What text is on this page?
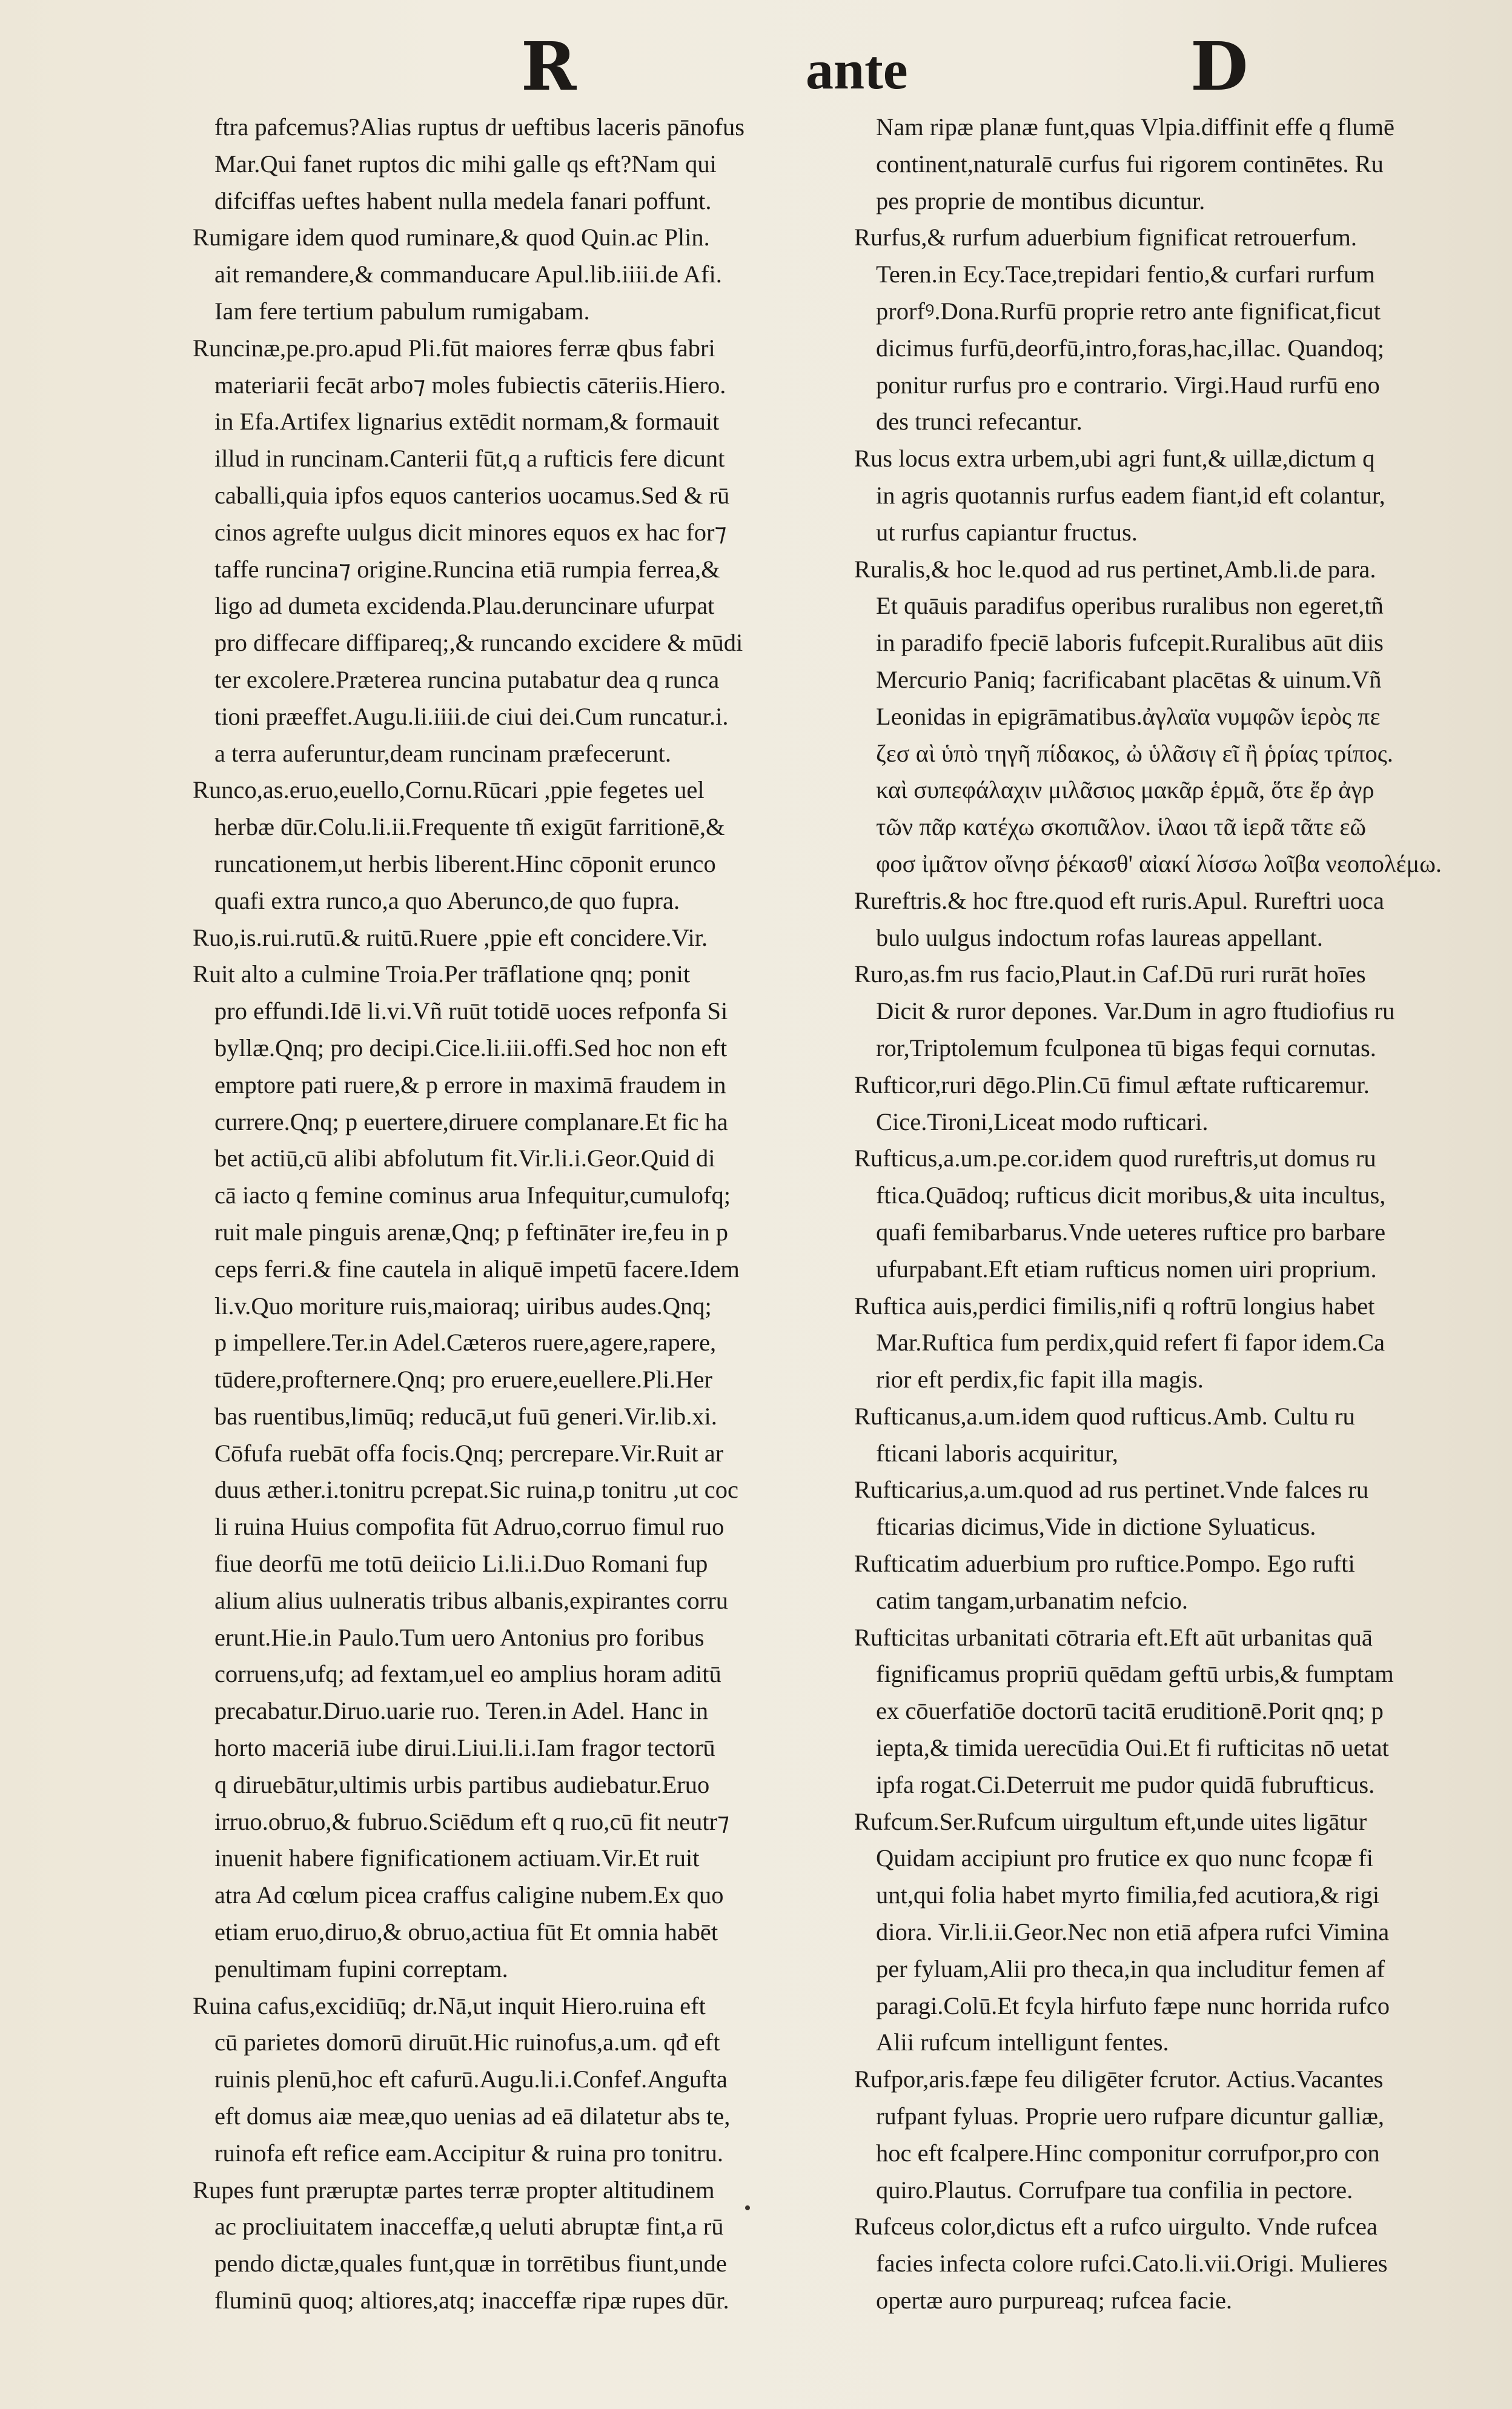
R	ante	D
ftra pafcemus?Alias ruptus dr ueftibus laceris pānofus
Mar.Qui fanet ruptos dic mihi galle qs eft?Nam qui
difciffas ueftes habent nulla medela fanari poffunt.
Rumigare idem quod ruminare,& quod Quin.ac Plin.
ait remandere,& commanducare Apul.lib.iiii.de Afi.
Iam fere tertium pabulum rumigabam.
Runcinæ,pe.pro.apud Pli.fūt maiores ferræ qbus fabri
materiarii fecāt arbo⁊ moles fubiectis cāteriis.Hiero.
in Efa.Artifex lignarius extēdit normam,& formauit
illud in runcinam.Canterii fūt,q a rufticis fere dicunt
caballi,quia ipfos equos canterios uocamus.Sed & rū
cinos agrefte uulgus dicit minores equos ex hac for⁊
taffe runcina⁊ origine.Runcina etiā rumpia ferrea,&
ligo ad dumeta excidenda.Plau.deruncinare ufurpat
pro diffecare diffipareq;,& runcando excidere & mūdi
ter excolere.Præterea runcina putabatur dea q runca
tioni præeffet.Augu.li.iiii.de ciui dei.Cum runcatur.i.
a terra auferuntur,deam runcinam præfecerunt.
Runco,as.eruo,euello,Cornu.Rūcari ,ppie fegetes uel
herbæ dūr.Colu.li.ii.Frequente tñ exigūt farritionē,&
runcationem,ut herbis liberent.Hinc cōponit erunco
quafi extra runco,a quo Aberunco,de quo fupra.
Ruo,is.rui.rutū.& ruitū.Ruere ,ppie eft concidere.Vir.
Ruit alto a culmine Troia.Per trāflatione qnq; ponit
pro effundi.Idē li.vi.Vñ ruūt totidē uoces refponfa Si
byllæ.Qnq; pro decipi.Cice.li.iii.offi.Sed hoc non eft
emptore pati ruere,& p errore in maximā fraudem in
currere.Qnq; p euertere,diruere complanare.Et fic ha
bet actiū,cū alibi abfolutum fit.Vir.li.i.Geor.Quid di
cā iacto q femine cominus arua Infequitur,cumulofq;
ruit male pinguis arenæ,Qnq; p feftināter ire,feu in p
ceps ferri.& fine cautela in aliquē impetū facere.Idem
li.v.Quo moriture ruis,maioraq; uiribus audes.Qnq;
p impellere.Ter.in Adel.Cæteros ruere,agere,rapere,
tūdere,profternere.Qnq; pro eruere,euellere.Pli.Her
bas ruentibus,limūq; reducā,ut fuū generi.Vir.lib.xi.
Cōfufa ruebāt offa focis.Qnq; percrepare.Vir.Ruit ar
duus æther.i.tonitru pcrepat.Sic ruina,p tonitru ,ut coc
li ruina Huius compofita fūt Adruo,corruo fimul ruo
fiue deorfū me totū deiicio Li.li.i.Duo Romani fup
alium alius uulneratis tribus albanis,expirantes corru
erunt.Hie.in Paulo.Tum uero Antonius pro foribus
corruens,ufq; ad fextam,uel eo amplius horam aditū
precabatur.Diruo.uarie ruo. Teren.in Adel. Hanc in
horto maceriā iube dirui.Liui.li.i.Iam fragor tectorū
q diruebātur,ultimis urbis partibus audiebatur.Eruo
irruo.obruo,& fubruo.Sciēdum eft q ruo,cū fit neutr⁊
inuenit habere fignificationem actiuam.Vir.Et ruit
atra Ad cœlum picea craffus caligine nubem.Ex quo
etiam eruo,diruo,& obruo,actiua fūt Et omnia habēt
penultimam fupini correptam.
Ruina cafus,excidiūq; dr.Nā,ut inquit Hiero.ruina eft
cū parietes domorū diruūt.Hic ruinofus,a.um. qđ eft
ruinis plenū,hoc eft cafurū.Augu.li.i.Confef.Angufta
eft domus aiæ meæ,quo uenias ad eā dilatetur abs te,
ruinofa eft refice eam.Accipitur & ruina pro tonitru.
Rupes funt præruptæ partes terræ propter altitudinem
ac procliuitatem inacceffæ,q ueluti abruptæ fint,a rū
pendo dictæ,quales funt,quæ in torrētibus fiunt,unde
fluminū quoq; altiores,atq; inacceffæ ripæ rupes dūr.
Nam ripæ planæ funt,quas Vlpia.diffinit effe q flumē
continent,naturalē curfus fui rigorem continētes. Ru
pes proprie de montibus dicuntur.
Rurfus,& rurfum aduerbium fignificat retrouerfum.
Teren.in Ecy.Tace,trepidari fentio,& curfari rurfum
prorfꝰ.Dona.Rurfū proprie retro ante fignificat,ficut
dicimus furfū,deorfū,intro,foras,hac,illac. Quandoq;
ponitur rurfus pro e contrario. Virgi.Haud rurfū eno
des trunci refecantur.
Rus locus extra urbem,ubi agri funt,& uillæ,dictum q
in agris quotannis rurfus eadem fiant,id eft colantur,
ut rurfus capiantur fructus.
Ruralis,& hoc le.quod ad rus pertinet,Amb.li.de para.
Et quāuis paradifus operibus ruralibus non egeret,tñ
in paradifo fpeciē laboris fufcepit.Ruralibus aūt diis
Mercurio Paniq; facrificabant placētas & uinum.Vñ
Leonidas in epigrāmatibus.ἀγλαϊα νυμφῶν ἱερὸς πε
ζεσ αὶ ὑπὸ τηγῆ πίδακος, ὠ ὑλᾶσιγ εῖ ἢ ῥρίας τρίπος.
καὶ συπεφάλαχιν μιλᾶσιος μακᾶρ ἑρμᾶ, ὅτε ἔρ ἀγρ
τῶν πᾶρ κατέχω σκοπιᾶλον. ἱλαοι τᾶ ἱερᾶ τᾶτε εῶ
φοσ ἰμᾶτον οἴνησ ῥέκασθ' αἰακί λίσσω λοῖβα νεοπολέμω.
Rureftris.& hoc ftre.quod eft ruris.Apul. Rureftri uoca
bulo uulgus indoctum rofas laureas appellant.
Ruro,as.fm rus facio,Plaut.in Caf.Dū ruri rurāt hoīes
Dicit & ruror depones. Var.Dum in agro ftudiofius ru
ror,Triptolemum fculponea tū bigas fequi cornutas.
Rufticor,ruri dēgo.Plin.Cū fimul æftate rufticaremur.
Cice.Tironi,Liceat modo rufticari.
Rufticus,a.um.pe.cor.idem quod rureftris,ut domus ru
ftica.Quādoq; rufticus dicit moribus,& uita incultus,
quafi femibarbarus.Vnde ueteres ruftice pro barbare
ufurpabant.Eft etiam rufticus nomen uiri proprium.
Ruftica auis,perdici fimilis,nifi q roftrū longius habet
Mar.Ruftica fum perdix,quid refert fi fapor idem.Ca
rior eft perdix,fic fapit illa magis.
Rufticanus,a.um.idem quod rufticus.Amb. Cultu ru
fticani laboris acquiritur,
Rufticarius,a.um.quod ad rus pertinet.Vnde falces ru
fticarias dicimus,Vide in dictione Syluaticus.
Rufticatim aduerbium pro ruftice.Pompo. Ego rufti
catim tangam,urbanatim nefcio.
Rufticitas urbanitati cōtraria eft.Eft aūt urbanitas quā
fignificamus propriū quēdam geftū urbis,& fumptam
ex cōuerfatiōe doctorū tacitā eruditionē.Porit qnq; p
iepta,& timida uerecūdia Oui.Et fi rufticitas nō uetat
ipfa rogat.Ci.Deterruit me pudor quidā fubrufticus.
Rufcum.Ser.Rufcum uirgultum eft,unde uites ligātur
Quidam accipiunt pro frutice ex quo nunc fcopæ fi
unt,qui folia habet myrto fimilia,fed acutiora,& rigi
diora. Vir.li.ii.Geor.Nec non etiā afpera rufci Vimina
per fyluam,Alii pro theca,in qua includitur femen af
paragi.Colū.Et fcyla hirfuto fæpe nunc horrida rufco
Alii rufcum intelligunt fentes.
Rufpor,aris.fæpe feu diligēter fcrutor. Actius.Vacantes
rufpant fyluas. Proprie uero rufpare dicuntur galliæ,
hoc eft fcalpere.Hinc componitur corrufpor,pro con
quiro.Plautus. Corrufpare tua confilia in pectore.
Rufceus color,dictus eft a rufco uirgulto. Vnde rufcea
facies infecta colore rufci.Cato.li.vii.Origi. Mulieres
opertæ auro purpureaq; rufcea facie.
